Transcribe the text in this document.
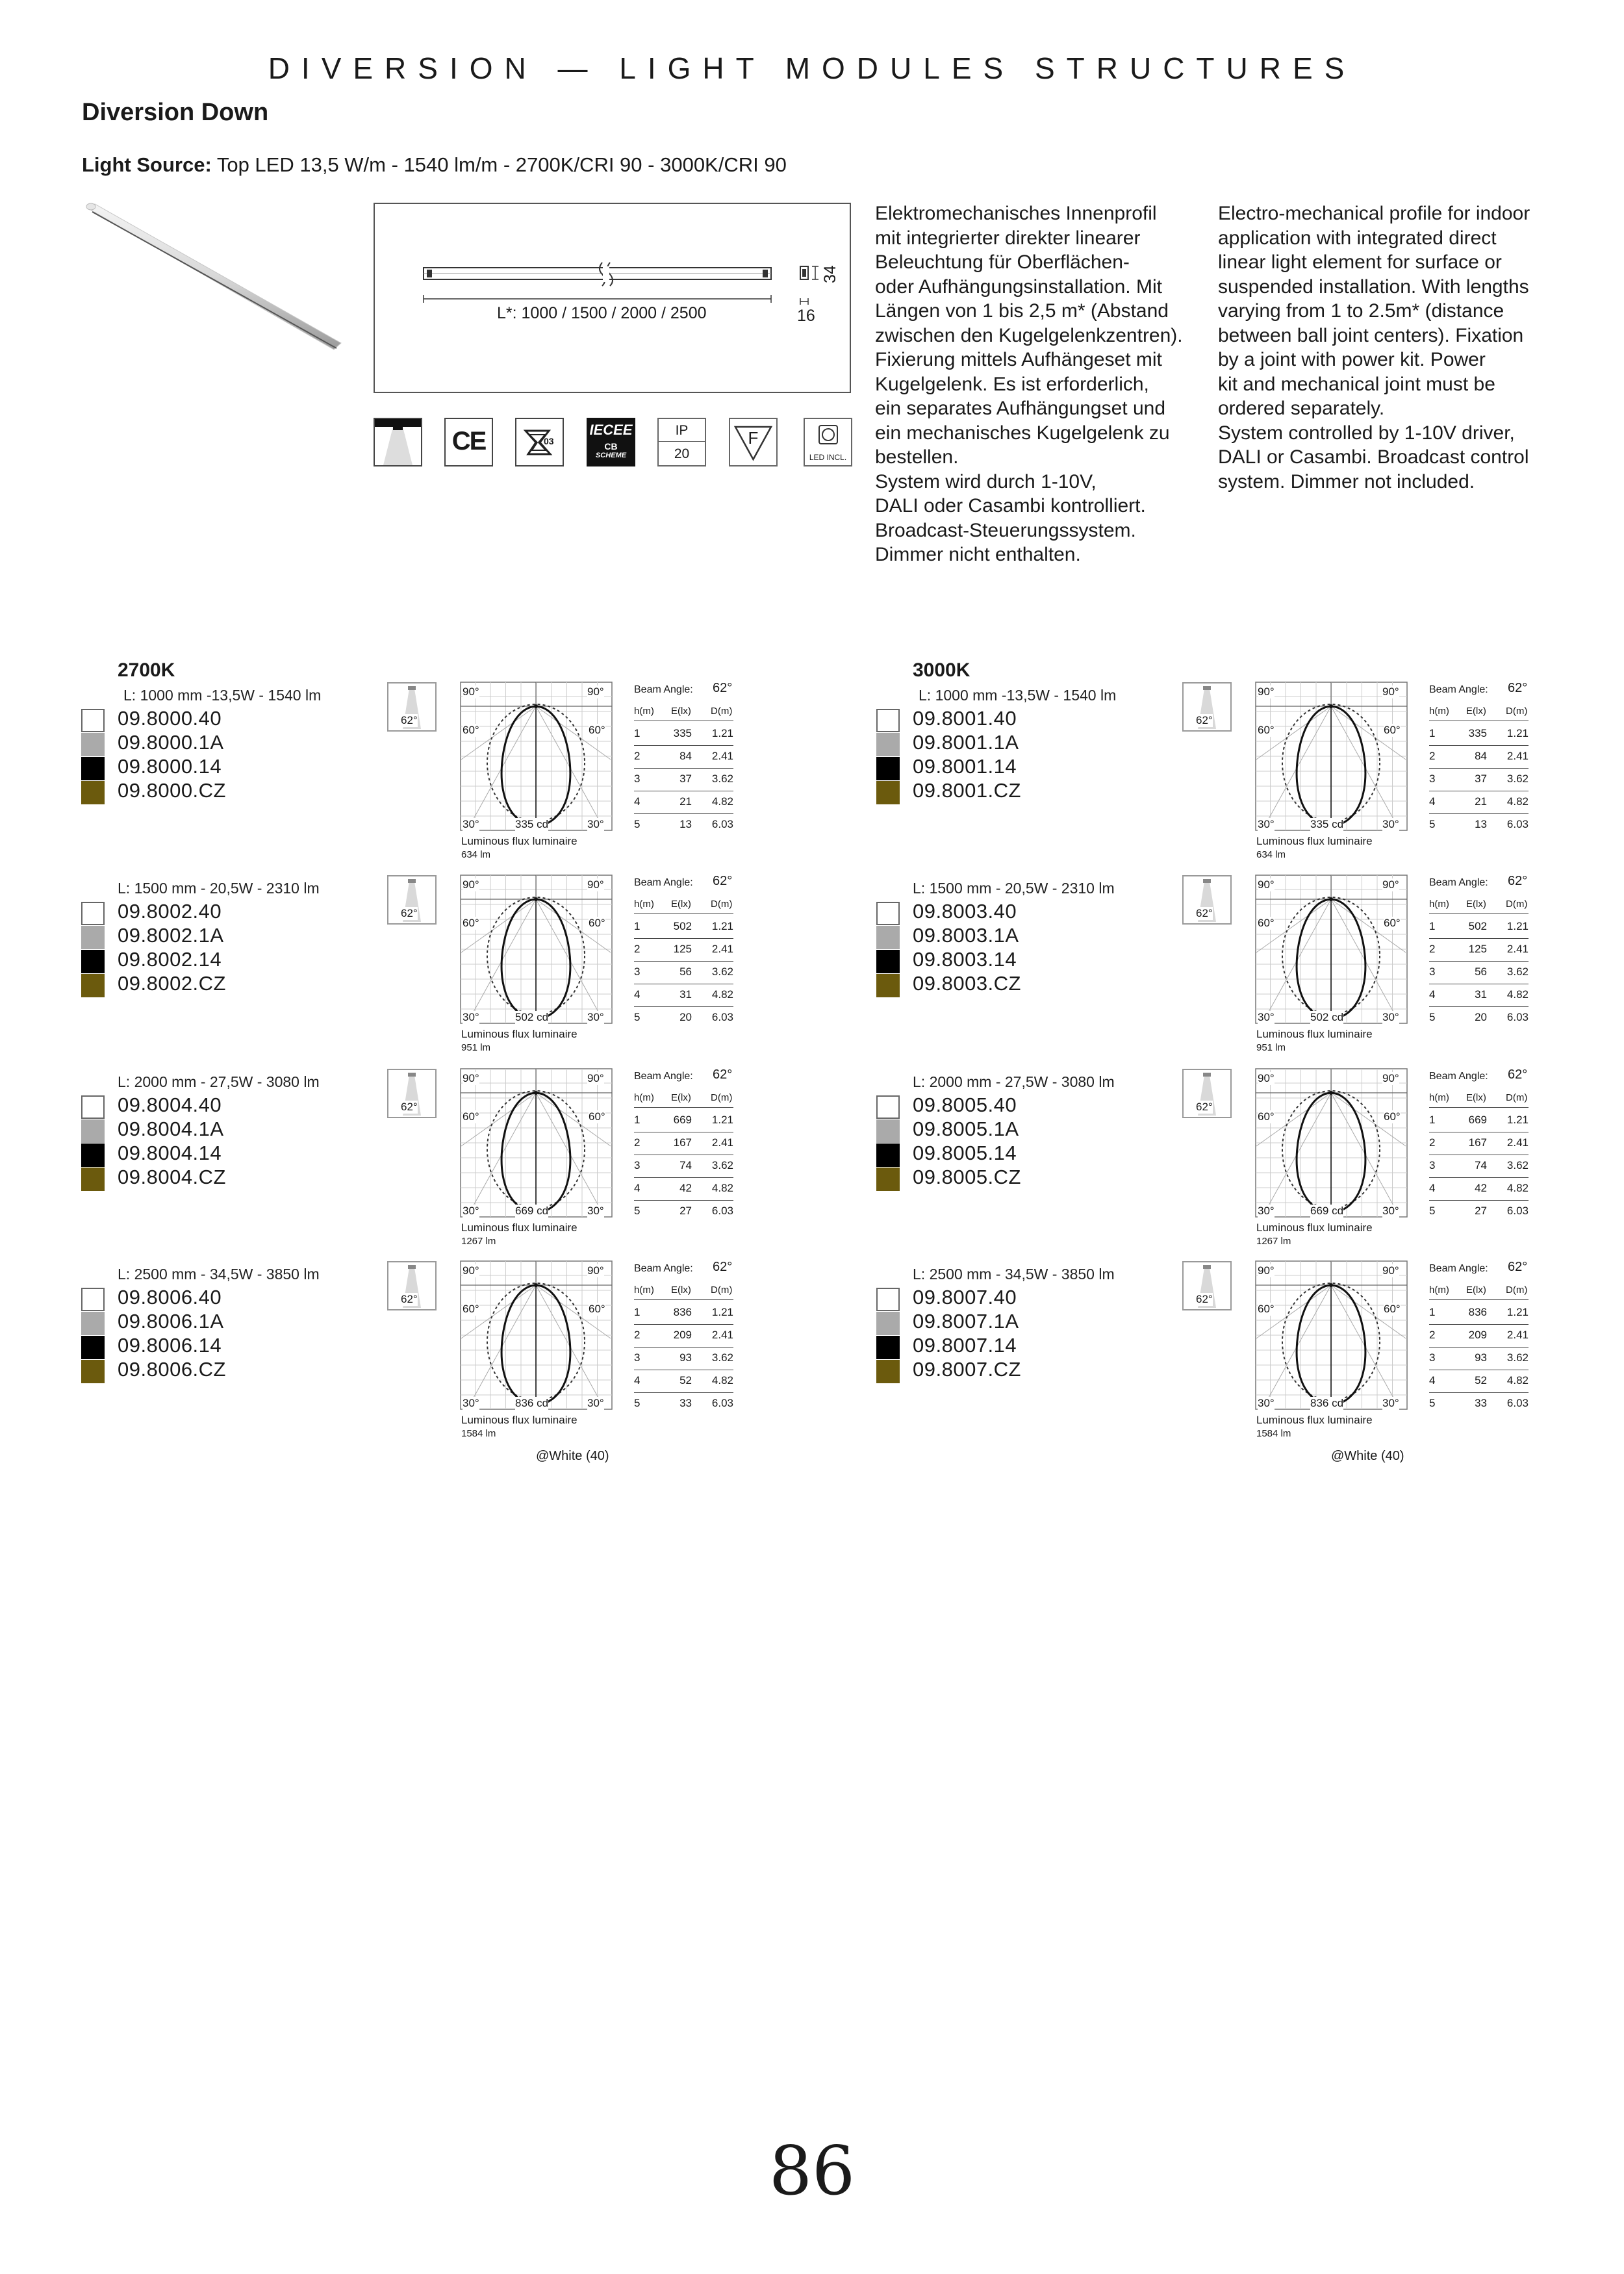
DIVERSION — LIGHT MODULES STRUCTURES
Diversion Down
Light Source: Top LED 13,5 W/m - 1540 lm/m - 2700K/CRI 90 - 3000K/CRI 90
L*: 1000 / 1500 / 2000 / 2500	16
34
CE	03
IECEE
CB
SCHEME
IP
20
F
LED INCL.
Elektromechanisches Innenprofil
mit integrierter direkter linearer
Beleuchtung für Oberflächen-
oder Aufhängungsinstallation. Mit
Längen von 1 bis 2,5 m* (Abstand
zwischen den Kugelgelenkzentren).
Fixierung mittels Aufhängeset mit
Kugelgelenk. Es ist erforderlich,
ein separates Aufhängungset und
ein mechanisches Kugelgelenk zu
bestellen.
System wird durch 1-10V,
DALI oder Casambi kontrolliert.
Broadcast-Steuerungssystem.
Dimmer nicht enthalten.
Electro-mechanical profile for indoor
application with integrated direct
linear light element for surface or
suspended installation. With lengths
varying from 1 to 2.5m* (distance
between ball joint centers). Fixation
by a joint with power kit. Power
kit and mechanical joint must be
ordered separately.
System controlled by 1-10V driver,
DALI or Casambi. Broadcast control
system. Dimmer not included.
2700K
L: 1000 mm -13,5W - 1540 lm
09.8000.40
09.8000.1A
09.8000.14
09.8000.CZ
62°
90°	90°
60°	60°
30°	30°
335 cd
Luminous flux luminaire
634 lm
Beam Angle: 62°
h(m) E(lx) D(m)
1	335	1.21
2	84	2.41
3	37	3.62
4	21	4.82
5	13	6.03
L: 1500 mm - 20,5W - 2310 lm
09.8002.40
09.8002.1A
09.8002.14
09.8002.CZ
62°
90°	90°
60°	60°
30°	30°
502 cd
Luminous flux luminaire
951 lm
Beam Angle: 62°
h(m) E(lx) D(m)
1	502	1.21
2	125	2.41
3	56	3.62
4	31	4.82
5	20	6.03
L: 2000 mm - 27,5W - 3080 lm
09.8004.40
09.8004.1A
09.8004.14
09.8004.CZ
62°
90°	90°
60°	60°
30°	30°
669 cd
Luminous flux luminaire
1267 lm
Beam Angle: 62°
h(m) E(lx) D(m)
1	669	1.21
2	167	2.41
3	74	3.62
4	42	4.82
5	27	6.03
L: 2500 mm - 34,5W - 3850 lm
09.8006.40
09.8006.1A
09.8006.14
09.8006.CZ
62°
90°	90°
60°	60°
30°	30°
836 cd
Luminous flux luminaire
1584 lm
Beam Angle: 62°
h(m) E(lx) D(m)
1	836	1.21
2	209	2.41
3	93	3.62
4	52	4.82
5	33	6.03
@White (40)
3000K
L: 1000 mm -13,5W - 1540 lm
09.8001.40
09.8001.1A
09.8001.14
09.8001.CZ
62°
90°	90°
60°	60°
30°	30°
335 cd
Luminous flux luminaire
634 lm
Beam Angle: 62°
h(m) E(lx) D(m)
1	335	1.21
2	84	2.41
3	37	3.62
4	21	4.82
5	13	6.03
L: 1500 mm - 20,5W - 2310 lm
09.8003.40
09.8003.1A
09.8003.14
09.8003.CZ
62°
90°	90°
60°	60°
30°	30°
502 cd
Luminous flux luminaire
951 lm
Beam Angle: 62°
h(m) E(lx) D(m)
1	502	1.21
2	125	2.41
3	56	3.62
4	31	4.82
5	20	6.03
L: 2000 mm - 27,5W - 3080 lm
09.8005.40
09.8005.1A
09.8005.14
09.8005.CZ
62°
90°	90°
60°	60°
30°	30°
669 cd
Luminous flux luminaire
1267 lm
Beam Angle: 62°
h(m) E(lx) D(m)
1	669	1.21
2	167	2.41
3	74	3.62
4	42	4.82
5	27	6.03
L: 2500 mm - 34,5W - 3850 lm
09.8007.40
09.8007.1A
09.8007.14
09.8007.CZ
62°
90°	90°
60°	60°
30°	30°
836 cd
Luminous flux luminaire
1584 lm
Beam Angle: 62°
h(m) E(lx) D(m)
1	836	1.21
2	209	2.41
3	93	3.62
4	52	4.82
5	33	6.03
@White (40)
86
